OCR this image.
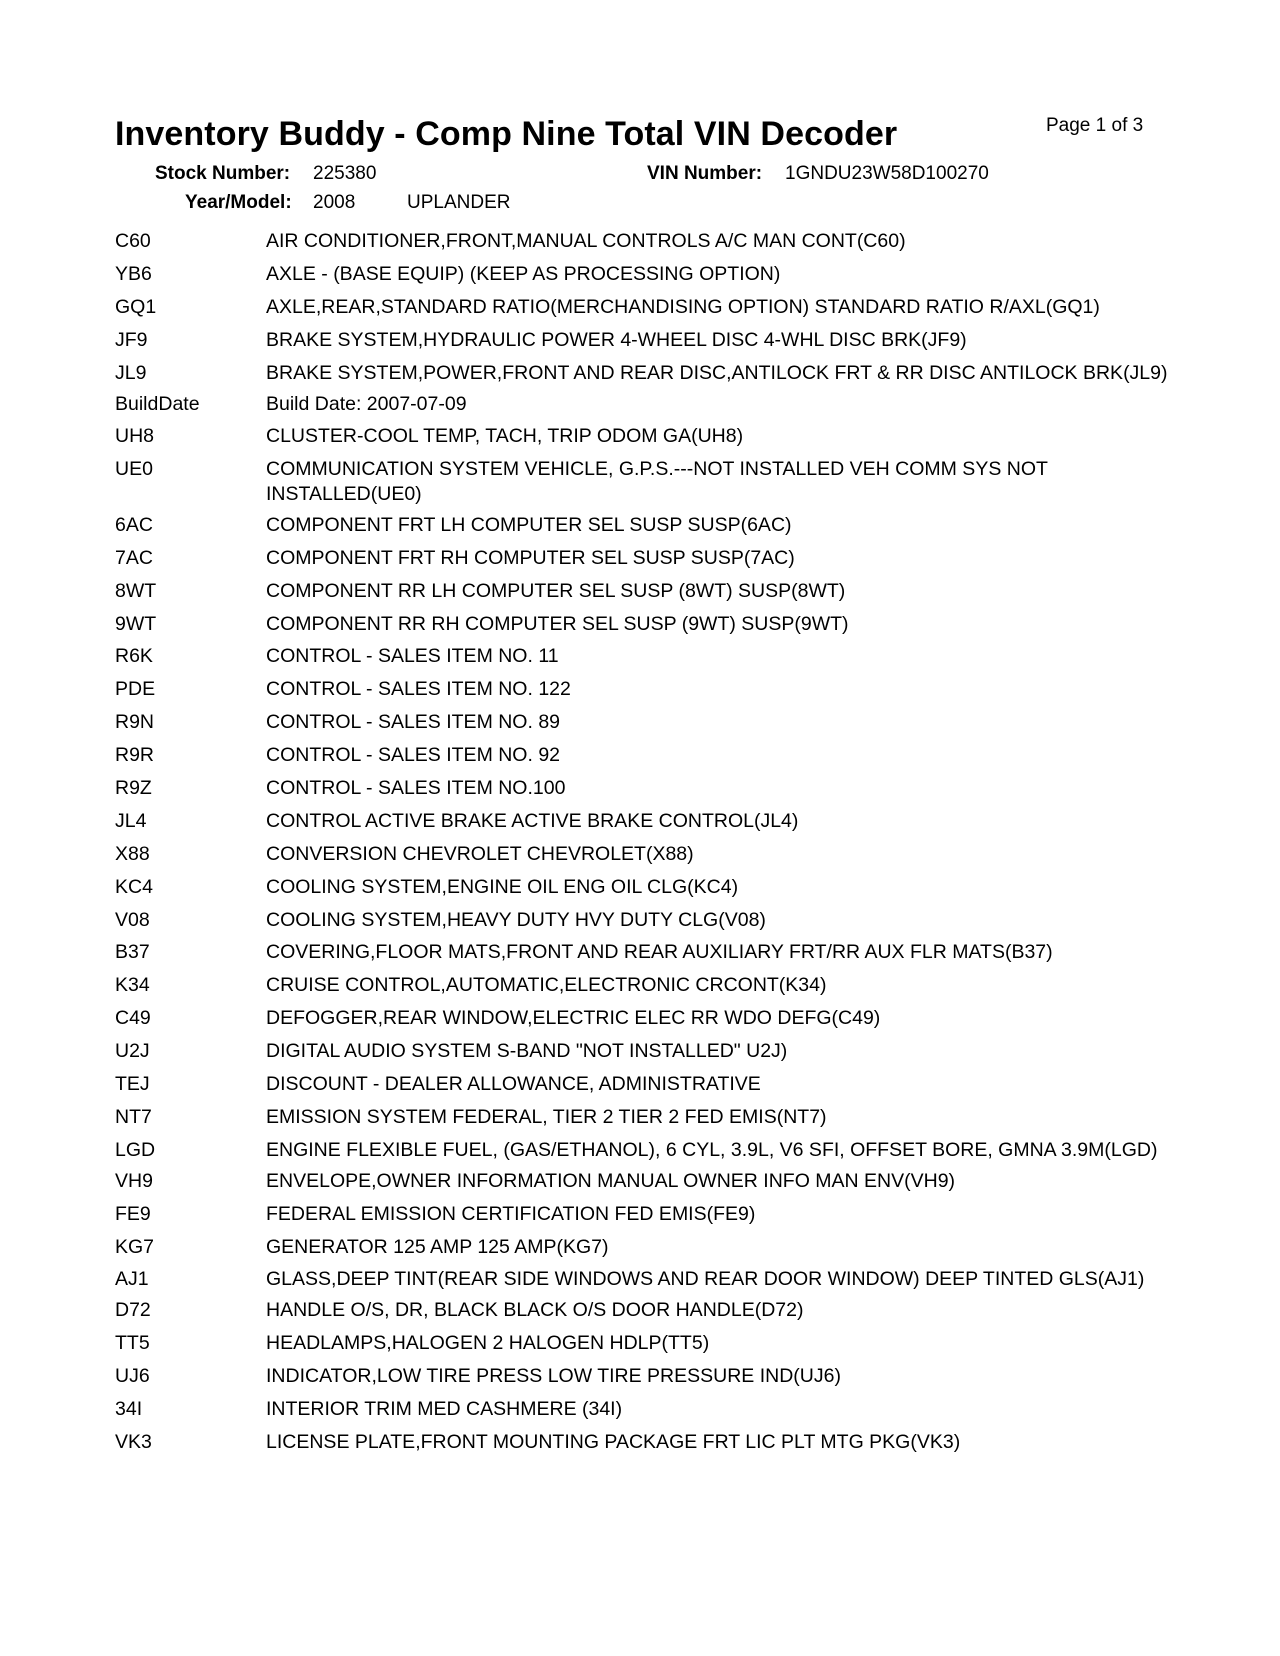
Inventory Buddy - Comp Nine Total VIN Decoder	Page 1 of 3
Stock Number: 225380	VIN Number: 1GNDU23W58D100270
Year/Model: 2008	UPLANDER
C60	AIR CONDITIONER,FRONT,MANUAL CONTROLS A/C MAN CONT(C60)
YB6	AXLE - (BASE EQUIP) (KEEP AS PROCESSING OPTION)
GQ1	AXLE,REAR,STANDARD RATIO(MERCHANDISING OPTION) STANDARD RATIO R/AXL(GQ1)
JF9	BRAKE SYSTEM,HYDRAULIC POWER 4-WHEEL DISC 4-WHL DISC BRK(JF9)
JL9	BRAKE SYSTEM,POWER,FRONT AND REAR DISC,ANTILOCK FRT & RR DISC ANTILOCK BRK(JL9)
BuildDate	Build Date: 2007-07-09
UH8	CLUSTER-COOL TEMP, TACH, TRIP ODOM GA(UH8)
UE0	COMMUNICATION SYSTEM VEHICLE, G.P.S.---NOT INSTALLED VEH COMM SYS NOT INSTALLED(UE0)
6AC	COMPONENT FRT LH COMPUTER SEL SUSP SUSP(6AC)
7AC	COMPONENT FRT RH COMPUTER SEL SUSP SUSP(7AC)
8WT	COMPONENT RR LH COMPUTER SEL SUSP (8WT) SUSP(8WT)
9WT	COMPONENT RR RH COMPUTER SEL SUSP (9WT) SUSP(9WT)
R6K	CONTROL - SALES ITEM NO. 11
PDE	CONTROL - SALES ITEM NO. 122
R9N	CONTROL - SALES ITEM NO. 89
R9R	CONTROL - SALES ITEM NO. 92
R9Z	CONTROL - SALES ITEM NO.100
JL4	CONTROL ACTIVE BRAKE ACTIVE BRAKE CONTROL(JL4)
X88	CONVERSION CHEVROLET CHEVROLET(X88)
KC4	COOLING SYSTEM,ENGINE OIL ENG OIL CLG(KC4)
V08	COOLING SYSTEM,HEAVY DUTY HVY DUTY CLG(V08)
B37	COVERING,FLOOR MATS,FRONT AND REAR AUXILIARY FRT/RR AUX FLR MATS(B37)
K34	CRUISE CONTROL,AUTOMATIC,ELECTRONIC CRCONT(K34)
C49	DEFOGGER,REAR WINDOW,ELECTRIC ELEC RR WDO DEFG(C49)
U2J	DIGITAL AUDIO SYSTEM S-BAND "NOT INSTALLED" U2J)
TEJ	DISCOUNT - DEALER ALLOWANCE, ADMINISTRATIVE
NT7	EMISSION SYSTEM FEDERAL, TIER 2 TIER 2 FED EMIS(NT7)
LGD	ENGINE FLEXIBLE FUEL, (GAS/ETHANOL), 6 CYL, 3.9L, V6 SFI, OFFSET BORE, GMNA 3.9M(LGD)
VH9	ENVELOPE,OWNER INFORMATION MANUAL OWNER INFO MAN ENV(VH9)
FE9	FEDERAL EMISSION CERTIFICATION FED EMIS(FE9)
KG7	GENERATOR 125 AMP 125 AMP(KG7)
AJ1	GLASS,DEEP TINT(REAR SIDE WINDOWS AND REAR DOOR WINDOW) DEEP TINTED GLS(AJ1)
D72	HANDLE O/S, DR, BLACK BLACK O/S DOOR HANDLE(D72)
TT5	HEADLAMPS,HALOGEN 2 HALOGEN HDLP(TT5)
UJ6	INDICATOR,LOW TIRE PRESS LOW TIRE PRESSURE IND(UJ6)
34I	INTERIOR TRIM MED CASHMERE (34I)
VK3	LICENSE PLATE,FRONT MOUNTING PACKAGE FRT LIC PLT MTG PKG(VK3)
